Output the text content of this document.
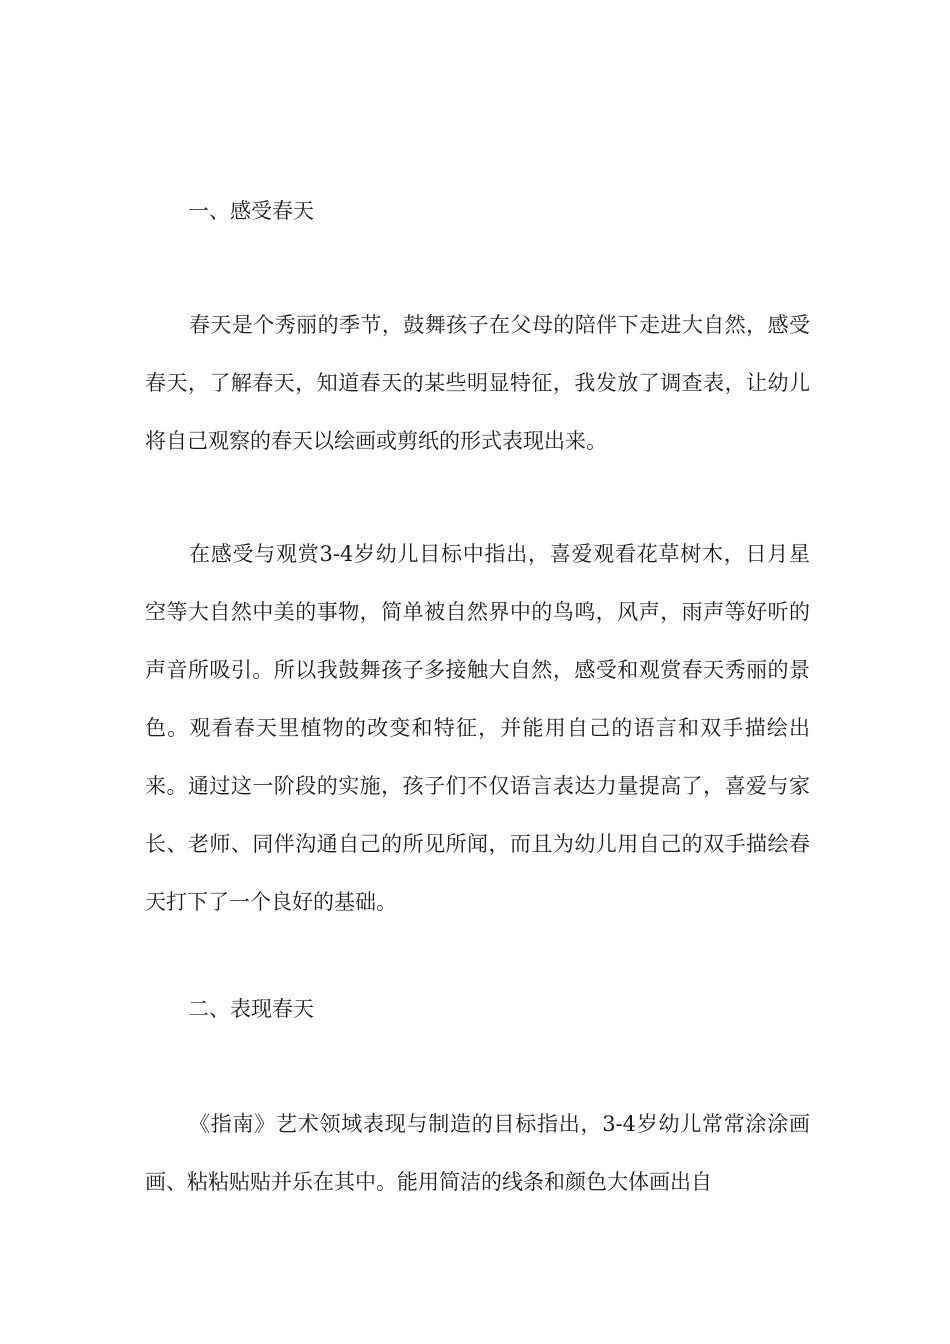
一、感受春天
春天是个秀丽的季节，鼓舞孩子在父母的陪伴下走进大自然，感受春天，了解春天，知道春天的某些明显特征，我发放了调查表，让幼儿将自己观察的春天以绘画或剪纸的形式表现出来。
在感受与观赏3-4岁幼儿目标中指出，喜爱观看花草树木，日月星空等大自然中美的事物，简单被自然界中的鸟鸣，风声，雨声等好听的声音所吸引。所以我鼓舞孩子多接触大自然，感受和观赏春天秀丽的景色。观看春天里植物的改变和特征，并能用自己的语言和双手描绘出来。通过这一阶段的实施，孩子们不仅语言表达力量提高了，喜爱与家长、老师、同伴沟通自己的所见所闻，而且为幼儿用自己的双手描绘春天打下了一个良好的基础。
二、表现春天
《指南》艺术领域表现与制造的目标指出，3-4岁幼儿常常涂涂画画、粘粘贴贴并乐在其中。能用简洁的线条和颜色大体画出自
